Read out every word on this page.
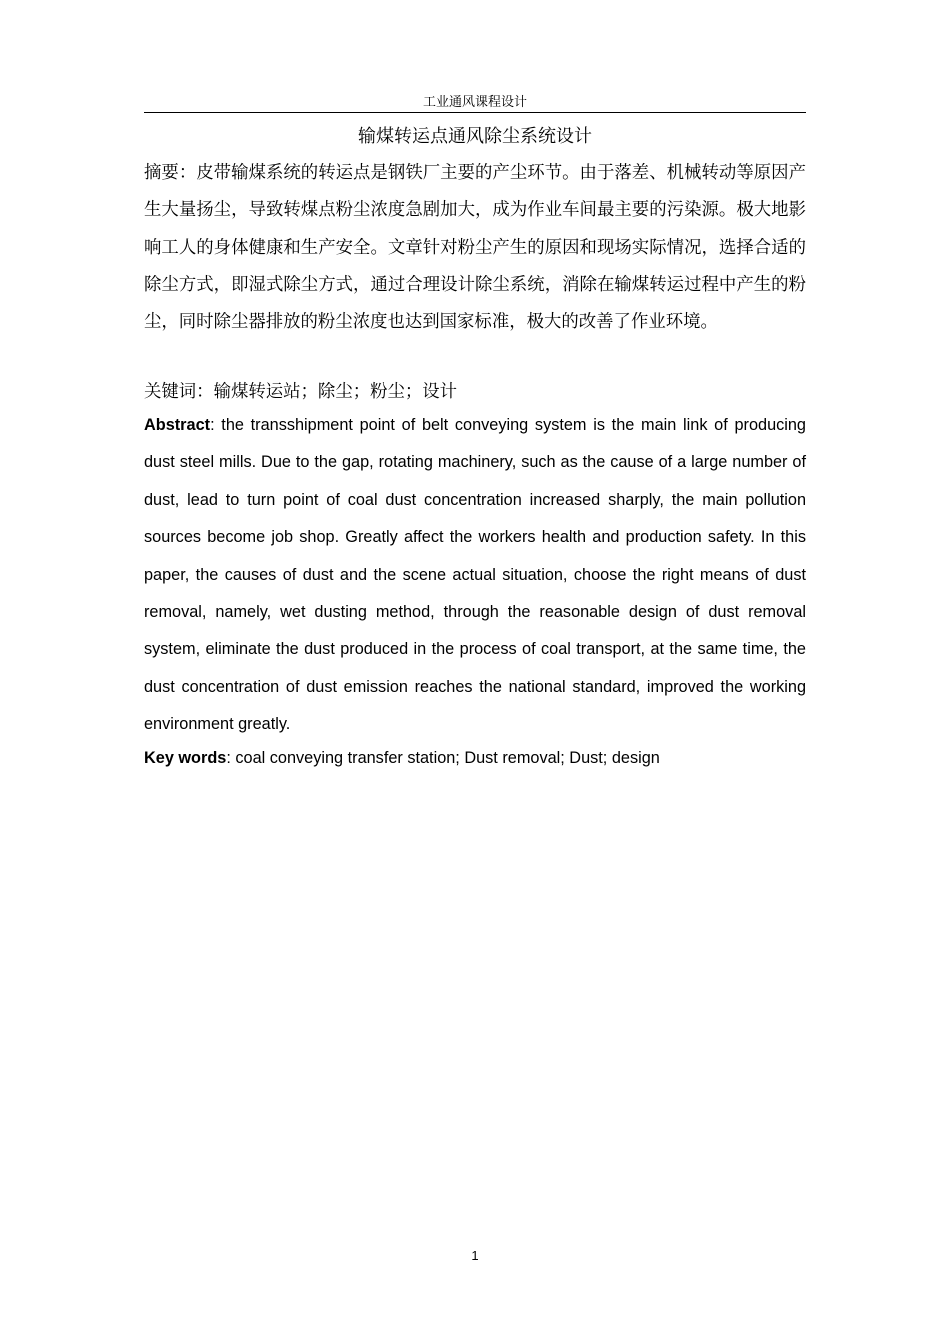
工业通风课程设计
输煤转运点通风除尘系统设计

摘要：皮带输煤系统的转运点是钢铁厂主要的产尘环节。由于落差、机械转动等原因产生大量扬尘，导致转煤点粉尘浓度急剧加大，成为作业车间最主要的污染源。极大地影响工人的身体健康和生产安全。文章针对粉尘产生的原因和现场实际情况，选择合适的除尘方式，即湿式除尘方式，通过合理设计除尘系统，消除在输煤转运过程中产生的粉尘，同时除尘器排放的粉尘浓度也达到国家标准，极大的改善了作业环境。

关键词：输煤转运站；除尘；粉尘；设计

Abstract: the transshipment point of belt conveying system is the main link of producing dust steel mills. Due to the gap, rotating machinery, such as the cause of a large number of dust, lead to turn point of coal dust concentration increased sharply, the main pollution sources become job shop. Greatly affect the workers health and production safety. In this paper, the causes of dust and the scene actual situation, choose the right means of dust removal, namely, wet dusting method, through the reasonable design of dust removal system, eliminate the dust produced in the process of coal transport, at the same time, the dust concentration of dust emission reaches the national standard, improved the working environment greatly.

Key words: coal conveying transfer station; Dust removal; Dust; design

1
